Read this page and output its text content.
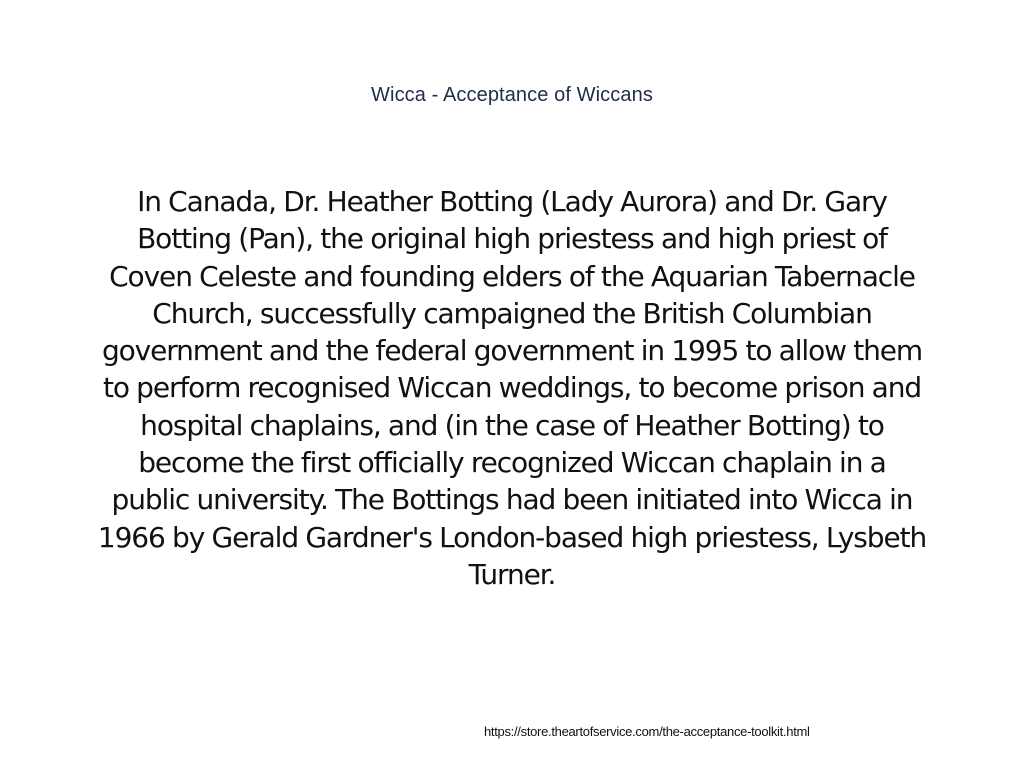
Wicca - Acceptance of Wiccans
In Canada, Dr. Heather Botting (Lady Aurora) and Dr. Gary Botting (Pan), the original high priestess and high priest of Coven Celeste and founding elders of the Aquarian Tabernacle Church, successfully campaigned the British Columbian government and the federal government in 1995 to allow them to perform recognised Wiccan weddings, to become prison and hospital chaplains, and (in the case of Heather Botting) to become the first officially recognized Wiccan chaplain in a public university. The Bottings had been initiated into Wicca in 1966 by Gerald Gardner's London-based high priestess, Lysbeth Turner.
https://store.theartofservice.com/the-acceptance-toolkit.html
